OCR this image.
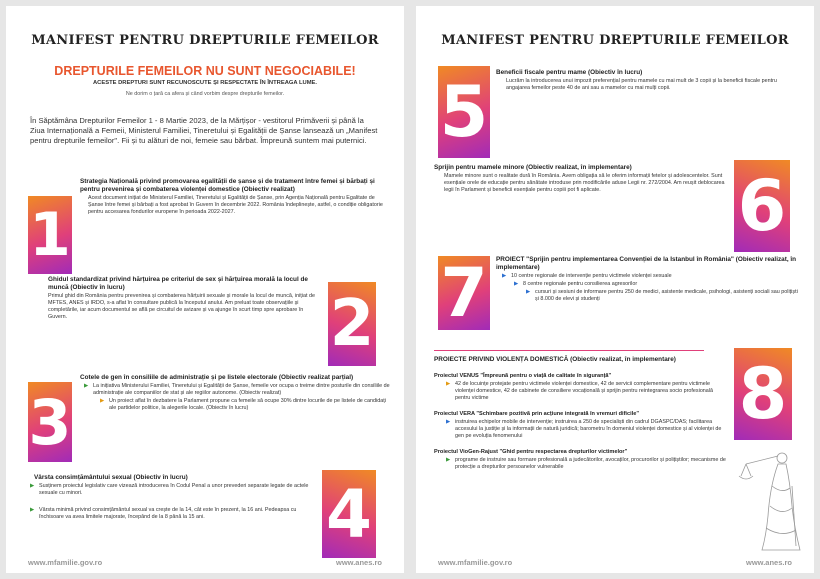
MANIFEST PENTRU DREPTURILE FEMEILOR
DREPTURILE FEMEILOR NU SUNT NEGOCIABILE!
ACESTE DREPTURI SUNT RECUNOSCUTE ȘI RESPECTATE ÎN ÎNTREAGA LUME.
Ne dorim o țară ca afera și când vorbim despre drepturile femeilor.
În Săptămâna Drepturilor Femeilor 1 - 8 Martie 2023, de la Mărțișor - vestitorul Primăverii și până la Ziua Internațională a Femeii, Ministerul Familiei, Tineretului și Egalității de Șanse lansează un „Manifest pentru drepturile femeilor". Fii și tu alături de noi, femeie sau bărbat. Împreună suntem mai puternici.
1
Strategia Națională privind promovarea egalității de șanse și de tratament între femei și bărbați și pentru prevenirea și combaterea violenței domestice (Obiectiv realizat)
Acest document inițiat de Ministerul Familiei, Tineretului și Egalității de Șanse, prin Agenția Națională pentru Egalitate de Șanse între femei și bărbați a fost aprobat în Guvern în decembrie 2022. România îndeplinește, astfel, o condiție obligatorie pentru accesarea fondurilor europene în perioada 2022-2027.
2
Ghidul standardizat privind hărțuirea pe criteriul de sex și hărțuirea morală la locul de muncă (Obiectiv în lucru)
Primul ghid din România pentru prevenirea și combaterea hărțuirii sexuale și morale la locul de muncă, inițiat de MFTES, ANES și IRDO, s-a aflat în consultare publică la începutul anului. Am preluat toate observațiile și completările, iar acum documentul se află pe circuitul de avizare și va ajunge în scurt timp spre aprobare în Guvern.
3
Cotele de gen în consiliile de administrație și pe listele electorale (Obiectiv realizat parțial)
▶ La inițiativa Ministerului Familiei, Tineretului și Egalității de Șanse, femeile vor ocupa o treime dintre posturile din consiliile de administrație ale companiilor de stat și ale regiilor autonome. (Obiectiv realizat)
▶ Un proiect aflat în dezbatere la Parlament propune ca femeile să ocupe 30% dintre locurile de pe listele de candidați ale partidelor politice, la alegerile locale. (Obiectiv în lucru)
4
Vârsta consimțământului sexual (Obiectiv în lucru)
▶ Susținem proiectul legislativ care vizează introducerea în Codul Penal a unor prevederi separate legate de actele sexuale cu minori.
▶ Vârsta minimă privind consimțământul sexual va crește de la 14, cât este în prezent, la 16 ani. Pedeapsa cu închisoare va avea limitele majorate, începând de la 8 până la 15 ani.
www.mfamilie.gov.ro	www.anes.ro
MANIFEST PENTRU DREPTURILE FEMEILOR
5 Beneficii fiscale pentru mame (Obiectiv în lucru)
Lucrăm la introducerea unui impozit preferențial pentru mamele cu mai mult de 3 copii și la beneficii fiscale pentru angajarea femeilor peste 40 de ani sau a mamelor cu mai mulți copii.
6
Sprijin pentru mamele minore (Obiectiv realizat, în implementare)
Mamele minore sunt o realitate dură în România. Avem obligația să le oferim informații fetelor și adolescentelor. Sunt esențiale orele de educație pentru sănătate introduse prin modificările aduse Legii nr. 272/2004. Am reușit deblocarea legii în Parlament și beneficii esențiale pentru copiii pot fi aplicate.
7	PROIECT "Sprijin pentru implementarea Convenției de la Istanbul în România" (Obiectiv realizat, în implementare)
▶ 10 centre regionale de intervenție pentru victimele violenței sexuale
▶ 8 centre regionale pentru consilierea agresorilor
▶ cursuri și sesiuni de informare pentru 250 de medici, asistente medicale, psihologi, asistenți sociali sau polițiști și 8.000 de elevi și studenți
8
PROIECTE PRIVIND VIOLENȚA DOMESTICĂ (Obiectiv realizat, în implementare)
Proiectul VENUS "Împreună pentru o viață de calitate în siguranță"
▶ 42 de locuințe protejate pentru victimele violenței domestice, 42 de servicii complementare pentru victimele violenței domestice, 42 de cabinete de consiliere vocațională și sprijin pentru reintegrarea socio profesională pentru victime
Proiectul VERA "Schimbare pozitivă prin acțiune integrată în vremuri dificile"
▶ instruirea echipelor mobile de intervenție; instruirea a 250 de specialiști din cadrul DGASPC/DAS; facilitarea accesului la justiție și la informații de natură juridică; barometru în domeniul violenței domestice și al violenței de gen pe evoluția fenomenului
Proiectul VioGen-Rajust "Ghid pentru respectarea drepturilor victimelor"
▶ programe de instruire sau formare profesională a judecătorilor, avocaților, procurorilor și polițiștilor; mecanisme de protecție a drepturilor persoanelor vulnerabile
www.mfamilie.gov.ro	www.anes.ro
